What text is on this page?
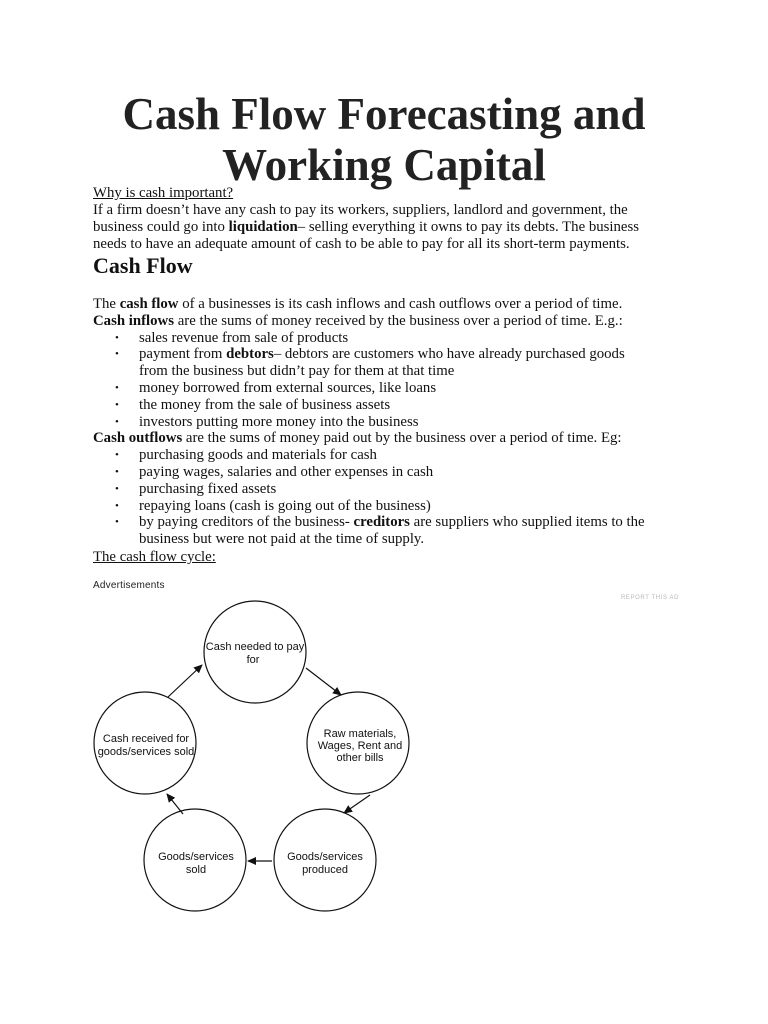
Cash Flow Forecasting and
Working Capital

Why is cash important?

If a firm doesn’t have any cash to pay its workers, suppliers, landlord and government, the

business could go into liquidation– selling everything it owns to pay its debts. The business

needs to have an adequate amount of cash to be able to pay for all its short-term payments.

Cash Flow

The cash flow of a businesses is its cash inflows and cash outflows over a period of time.

Cash inflows are the sums of money received by the business over a period of time. E.g.:

• sales revenue from sale of products
• payment from debtors– debtors are customers who have already purchased goods
from the business but didn’t pay for them at that time
• money borrowed from external sources, like loans
• the money from the sale of business assets
• investors putting more money into the business

Cash outflows are the sums of money paid out by the business over a period of time. Eg:

• purchasing goods and materials for cash
• paying wages, salaries and other expenses in cash
• purchasing fixed assets
• repaying loans (cash is going out of the business)
• by paying creditors of the business- creditors are suppliers who supplied items to the
business but were not paid at the time of supply.

The cash flow cycle:

Advertisements
REPORT THIS AD
Cash needed to pay
for
Raw materials,
Wages, Rent and
other bills
Goods/services
produced
Goods/services
sold
Cash received for
goods/services sold
